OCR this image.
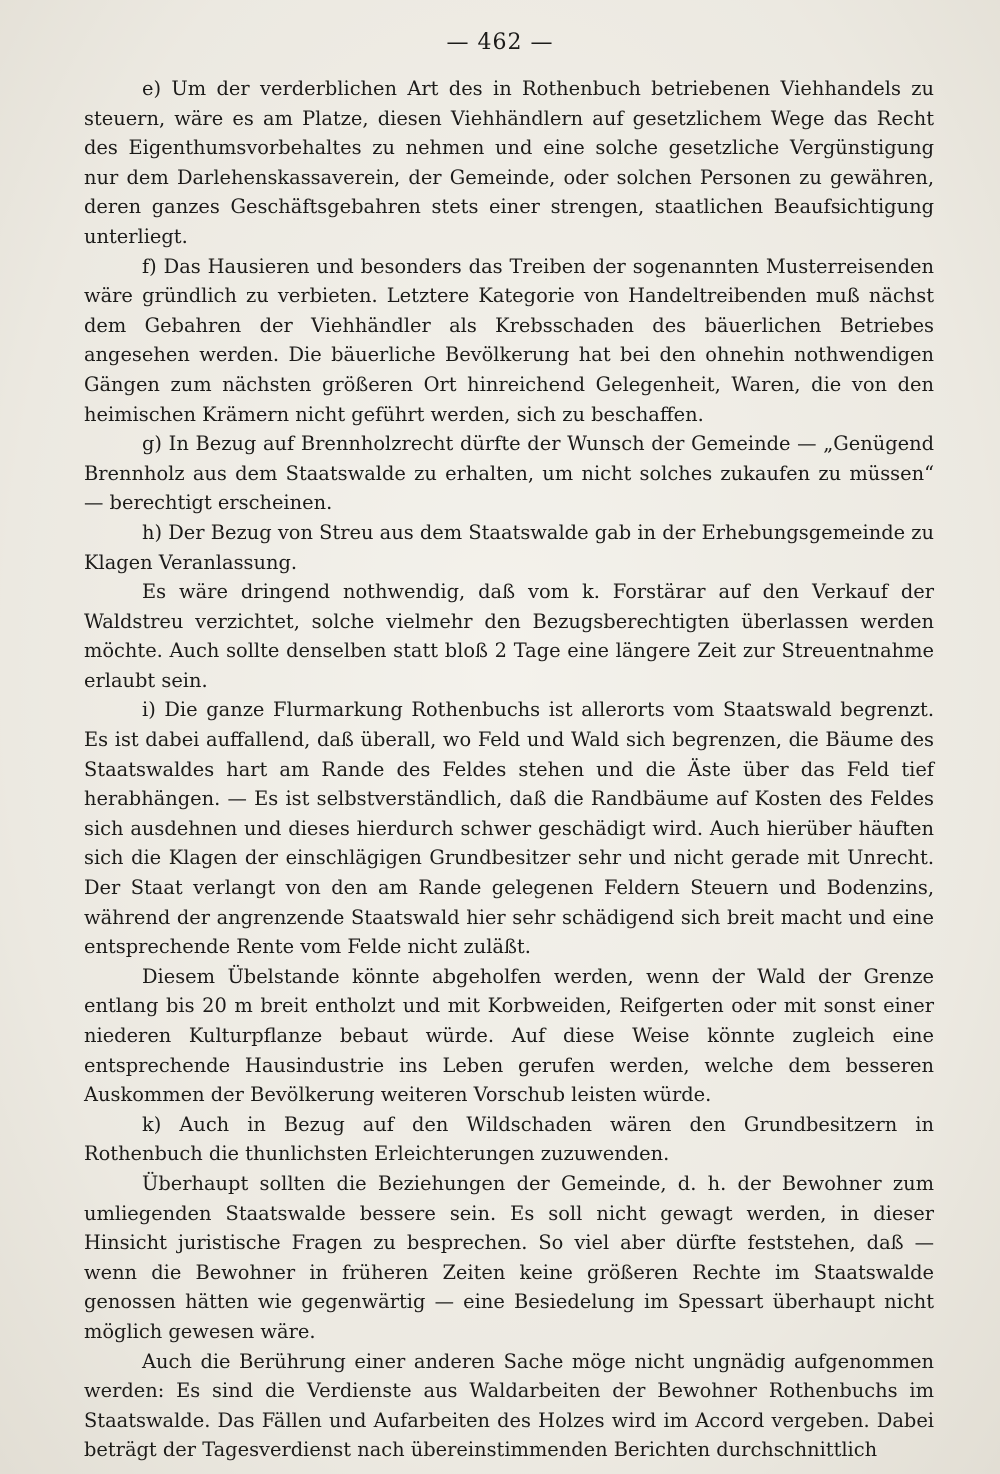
— 462 —

e) Um der verderblichen Art des in Rothenbuch betriebenen Viehhandels zu steuern, wäre es am Platze, diesen Viehhändlern auf gesetzlichem Wege das Recht des Eigenthumsvorbehaltes zu nehmen und eine solche gesetzliche Vergünstigung nur dem Darlehenskassaverein, der Gemeinde, oder solchen Personen zu gewähren, deren ganzes Geschäftsgebahren stets einer strengen, staatlichen Beaufsichtigung unterliegt.

f) Das Hausieren und besonders das Treiben der sogenannten Musterreisenden wäre gründlich zu verbieten. Letztere Kategorie von Handeltreibenden muß nächst dem Gebahren der Viehhändler als Krebsschaden des bäuerlichen Betriebes angesehen werden. Die bäuerliche Bevölkerung hat bei den ohnehin nothwendigen Gängen zum nächsten größeren Ort hinreichend Gelegenheit, Waren, die von den heimischen Krämern nicht geführt werden, sich zu beschaffen.

g) In Bezug auf Brennholzrecht dürfte der Wunsch der Gemeinde — „Genügend Brennholz aus dem Staatswalde zu erhalten, um nicht solches zukaufen zu müssen“ — berechtigt erscheinen.

h) Der Bezug von Streu aus dem Staatswalde gab in der Erhebungsgemeinde zu Klagen Veranlassung.

Es wäre dringend nothwendig, daß vom k. Forstärar auf den Verkauf der Waldstreu verzichtet, solche vielmehr den Bezugsberechtigten überlassen werden möchte. Auch sollte denselben statt bloß 2 Tage eine längere Zeit zur Streuentnahme erlaubt sein.

i) Die ganze Flurmarkung Rothenbuchs ist allerorts vom Staatswald begrenzt. Es ist dabei auffallend, daß überall, wo Feld und Wald sich begrenzen, die Bäume des Staatswaldes hart am Rande des Feldes stehen und die Äste über das Feld tief herabhängen. — Es ist selbstverständlich, daß die Randbäume auf Kosten des Feldes sich ausdehnen und dieses hierdurch schwer geschädigt wird. Auch hierüber häuften sich die Klagen der einschlägigen Grundbesitzer sehr und nicht gerade mit Unrecht. Der Staat verlangt von den am Rande gelegenen Feldern Steuern und Bodenzins, während der angrenzende Staatswald hier sehr schädigend sich breit macht und eine entsprechende Rente vom Felde nicht zuläßt.

Diesem Übelstande könnte abgeholfen werden, wenn der Wald der Grenze entlang bis 20 m breit entholzt und mit Korbweiden, Reifgerten oder mit sonst einer niederen Kulturpflanze bebaut würde. Auf diese Weise könnte zugleich eine entsprechende Hausindustrie ins Leben gerufen werden, welche dem besseren Auskommen der Bevölkerung weiteren Vorschub leisten würde.

k) Auch in Bezug auf den Wildschaden wären den Grundbesitzern in Rothenbuch die thunlichsten Erleichterungen zuzuwenden.

Überhaupt sollten die Beziehungen der Gemeinde, d. h. der Bewohner zum umliegenden Staatswalde bessere sein. Es soll nicht gewagt werden, in dieser Hinsicht juristische Fragen zu besprechen. So viel aber dürfte feststehen, daß — wenn die Bewohner in früheren Zeiten keine größeren Rechte im Staatswalde genossen hätten wie gegenwärtig — eine Besiedelung im Spessart überhaupt nicht möglich gewesen wäre.

Auch die Berührung einer anderen Sache möge nicht ungnädig aufgenommen werden: Es sind die Verdienste aus Waldarbeiten der Bewohner Rothenbuchs im Staatswalde. Das Fällen und Aufarbeiten des Holzes wird im Accord vergeben. Dabei beträgt der Tagesverdienst nach übereinstimmenden Berichten durchschnittlich
